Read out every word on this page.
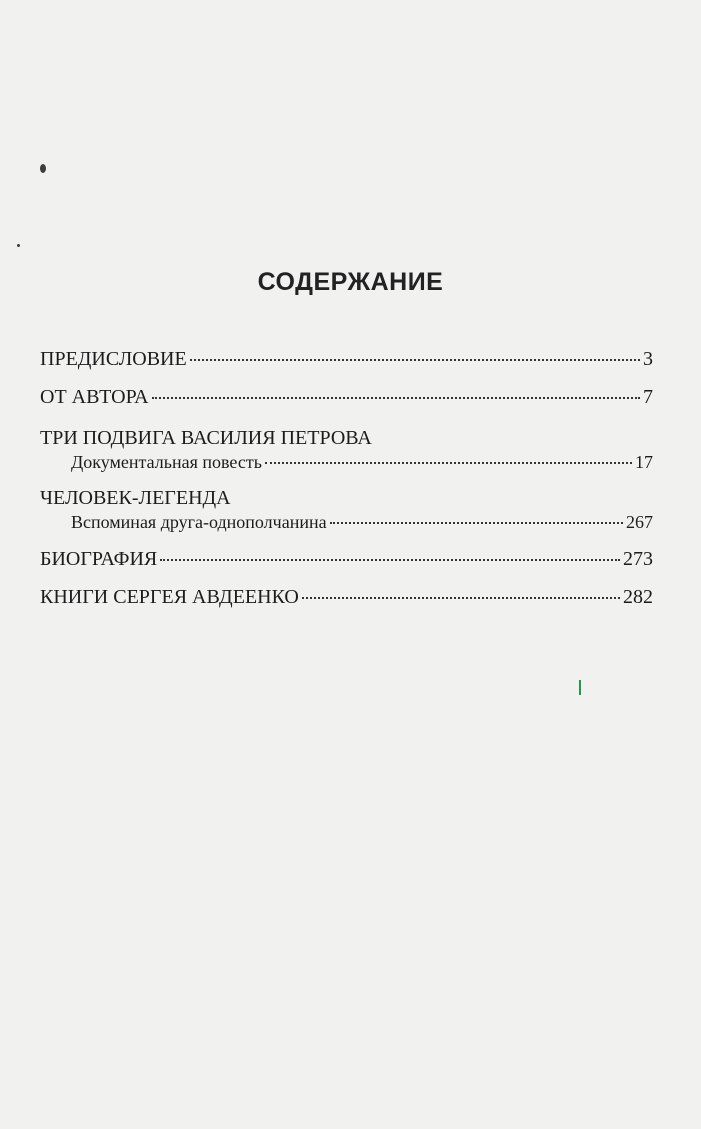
СОДЕРЖАНИЕ
ПРЕДИСЛОВИЕ	3
ОТ АВТОРА	7
ТРИ ПОДВИГА ВАСИЛИЯ ПЕТРОВА
Документальная повесть	17
ЧЕЛОВЕК-ЛЕГЕНДА
Вспоминая друга-однополчанина	267
БИОГРАФИЯ	273
КНИГИ СЕРГЕЯ АВДЕЕНКО	282
